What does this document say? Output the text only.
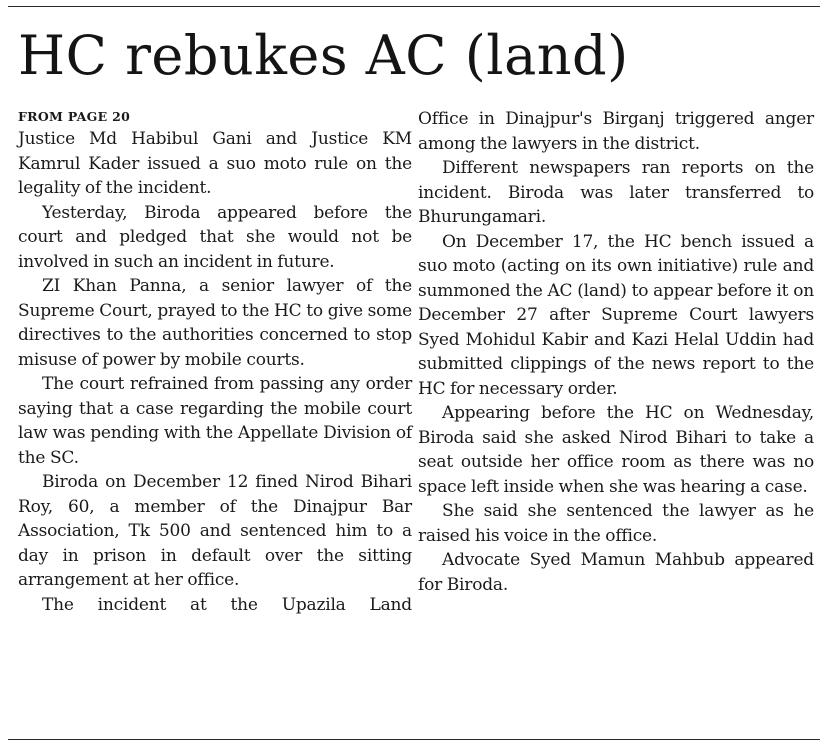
HC rebukes AC (land)
FROM PAGE 20

Justice Md Habibul Gani and Justice KM Kamrul Kader issued a suo moto rule on the legality of the incident.

Yesterday, Biroda appeared before the court and pledged that she would not be involved in such an incident in future.

ZI Khan Panna, a senior lawyer of the Supreme Court, prayed to the HC to give some directives to the authorities concerned to stop misuse of power by mobile courts.

The court refrained from passing any order saying that a case regarding the mobile court law was pending with the Appellate Division of the SC.

Biroda on December 12 fined Nirod Bihari Roy, 60, a member of the Dinajpur Bar Association, Tk 500 and sentenced him to a day in prison in default over the sitting arrangement at her office.

The incident at the Upazila Land

Office in Dinajpur's Birganj triggered anger among the lawyers in the district.

Different newspapers ran reports on the incident. Biroda was later transferred to Bhurungamari.

On December 17, the HC bench issued a suo moto (acting on its own initiative) rule and summoned the AC (land) to appear before it on December 27 after Supreme Court lawyers Syed Mohidul Kabir and Kazi Helal Uddin had submitted clippings of the news report to the HC for necessary order.

Appearing before the HC on Wednesday, Biroda said she asked Nirod Bihari to take a seat outside her office room as there was no space left inside when she was hearing a case.

She said she sentenced the lawyer as he raised his voice in the office.

Advocate Syed Mamun Mahbub appeared for Biroda.
